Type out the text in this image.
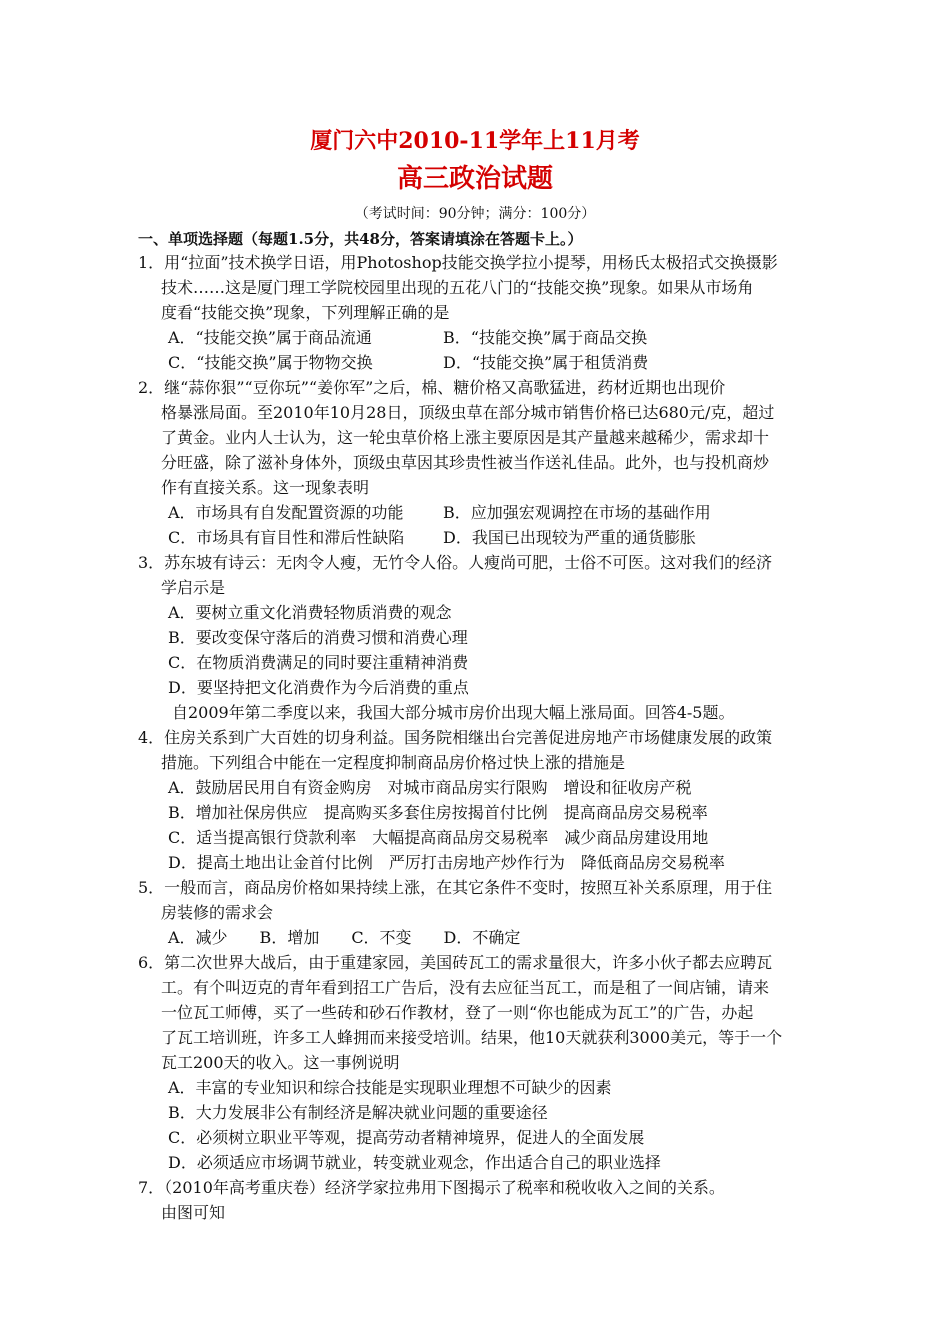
厦门六中2010-11学年上11月考
高三政治试题
（考试时间：90分钟；满分：100分）
一、单项选择题（每题1.5分，共48分，答案请填涂在答题卡上。）
1．用“拉面”技术换学日语，用Photoshop技能交换学拉小提琴，用杨氏太极招式交换摄影
技术……这是厦门理工学院校园里出现的五花八门的“技能交换”现象。如果从市场角
度看“技能交换”现象，下列理解正确的是
A．“技能交换”属于商品流通	B．“技能交换”属于商品交换
C．“技能交换”属于物物交换	D．“技能交换”属于租赁消费
2．继“蒜你狠”“豆你玩”“姜你军”之后，棉、糖价格又高歌猛进，药材近期也出现价
格暴涨局面。至2010年10月28日，顶级虫草在部分城市销售价格已达680元/克，超过
了黄金。业内人士认为，这一轮虫草价格上涨主要原因是其产量越来越稀少，需求却十
分旺盛，除了滋补身体外，顶级虫草因其珍贵性被当作送礼佳品。此外，也与投机商炒
作有直接关系。这一现象表明
A．市场具有自发配置资源的功能 B．应加强宏观调控在市场的基础作用
C．市场具有盲目性和滞后性缺陷 D．我国已出现较为严重的通货膨胀
3．苏东坡有诗云：无肉令人瘦，无竹令人俗。人瘦尚可肥，士俗不可医。这对我们的经济
学启示是
A．要树立重文化消费轻物质消费的观念
B．要改变保守落后的消费习惯和消费心理
C．在物质消费满足的同时要注重精神消费
D．要坚持把文化消费作为今后消费的重点
自2009年第二季度以来，我国大部分城市房价出现大幅上涨局面。回答4-5题。
4．住房关系到广大百姓的切身利益。国务院相继出台完善促进房地产市场健康发展的政策
措施。下列组合中能在一定程度抑制商品房价格过快上涨的措施是
A．鼓励居民用自有资金购房　对城市商品房实行限购　增设和征收房产税
B．增加社保房供应　提高购买多套住房按揭首付比例　提高商品房交易税率
C．适当提高银行贷款利率　大幅提高商品房交易税率　减少商品房建设用地
D．提高土地出让金首付比例　严厉打击房地产炒作行为　降低商品房交易税率
5．一般而言，商品房价格如果持续上涨，在其它条件不变时，按照互补关系原理，用于住
房装修的需求会
A．减少　　B．增加　　C．不变　　D．不确定
6．第二次世界大战后，由于重建家园，美国砖瓦工的需求量很大，许多小伙子都去应聘瓦
工。有个叫迈克的青年看到招工广告后，没有去应征当瓦工，而是租了一间店铺，请来
一位瓦工师傅，买了一些砖和砂石作教材，登了一则“你也能成为瓦工”的广告，办起
了瓦工培训班，许多工人蜂拥而来接受培训。结果，他10天就获利3000美元，等于一个
瓦工200天的收入。这一事例说明
A．丰富的专业知识和综合技能是实现职业理想不可缺少的因素
B．大力发展非公有制经济是解决就业问题的重要途径
C．必须树立职业平等观，提高劳动者精神境界，促进人的全面发展
D．必须适应市场调节就业，转变就业观念，作出适合自己的职业选择
7．（2010年高考重庆卷）经济学家拉弗用下图揭示了税率和税收收入之间的关系。
由图可知
